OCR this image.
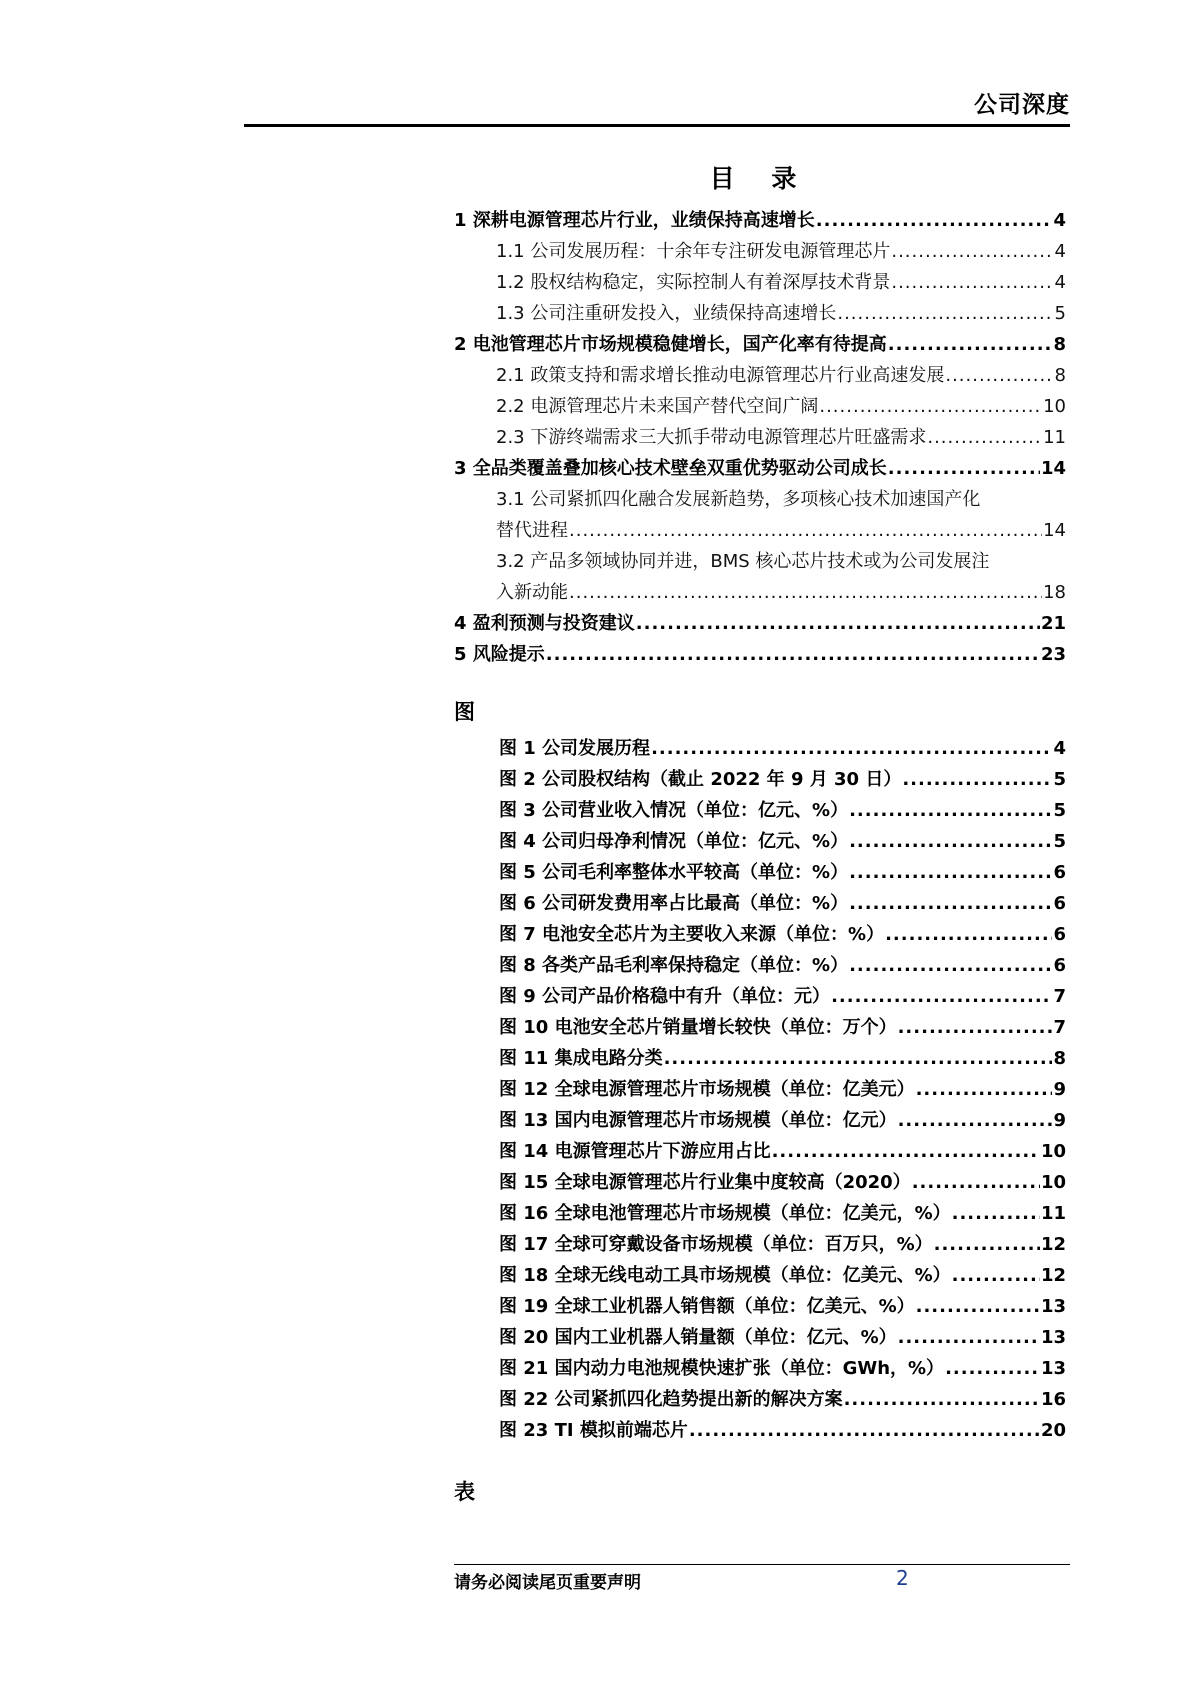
公司深度
目 录
1 深耕电源管理芯片行业，业绩保持高速增长 .....	4
1.1 公司发展历程：十余年专注研发电源管理芯片 .....	4
1.2 股权结构稳定，实际控制人有着深厚技术背景 .....	4
1.3 公司注重研发投入，业绩保持高速增长 .....	5
2 电池管理芯片市场规模稳健增长，国产化率有待提高 .....	8
2.1 政策支持和需求增长推动电源管理芯片行业高速发展 .....	8
2.2 电源管理芯片未来国产替代空间广阔 .....	10
2.3 下游终端需求三大抓手带动电源管理芯片旺盛需求 .....	11
3 全品类覆盖叠加核心技术壁垒双重优势驱动公司成长 .....	14
3.1 公司紧抓四化融合发展新趋势，多项核心技术加速国产化
替代进程 .....	14
3.2 产品多领域协同并进，BMS 核心芯片技术或为公司发展注
入新动能 .....	18
4 盈利预测与投资建议 .....	21
5 风险提示 .....	23
图
图 1 公司发展历程 .....	4
图 2 公司股权结构（截止 2022 年 9 月 30 日） .....	5
图 3 公司营业收入情况（单位：亿元、%） .....	5
图 4 公司归母净利情况（单位：亿元、%） .....	5
图 5 公司毛利率整体水平较高（单位：%） .....	6
图 6 公司研发费用率占比最高（单位：%） .....	6
图 7 电池安全芯片为主要收入来源（单位：%） .....	6
图 8 各类产品毛利率保持稳定（单位：%） .....	6
图 9 公司产品价格稳中有升（单位：元） .....	7
图 10 电池安全芯片销量增长较快（单位：万个） .....	7
图 11 集成电路分类 .....	8
图 12 全球电源管理芯片市场规模（单位：亿美元） .....	9
图 13 国内电源管理芯片市场规模（单位：亿元） .....	9
图 14 电源管理芯片下游应用占比 .....	10
图 15 全球电源管理芯片行业集中度较高（2020） .....	10
图 16 全球电池管理芯片市场规模（单位：亿美元，%） .....	11
图 17 全球可穿戴设备市场规模（单位：百万只，%） .....	12
图 18 全球无线电动工具市场规模（单位：亿美元、%） .....	12
图 19 全球工业机器人销售额（单位：亿美元、%） .....	13
图 20 国内工业机器人销量额（单位：亿元、%） .....	13
图 21 国内动力电池规模快速扩张（单位：GWh，%） .....	13
图 22 公司紧抓四化趋势提出新的解决方案 .....	16
图 23 TI 模拟前端芯片 .....	20
表
请务必阅读尾页重要声明	2
